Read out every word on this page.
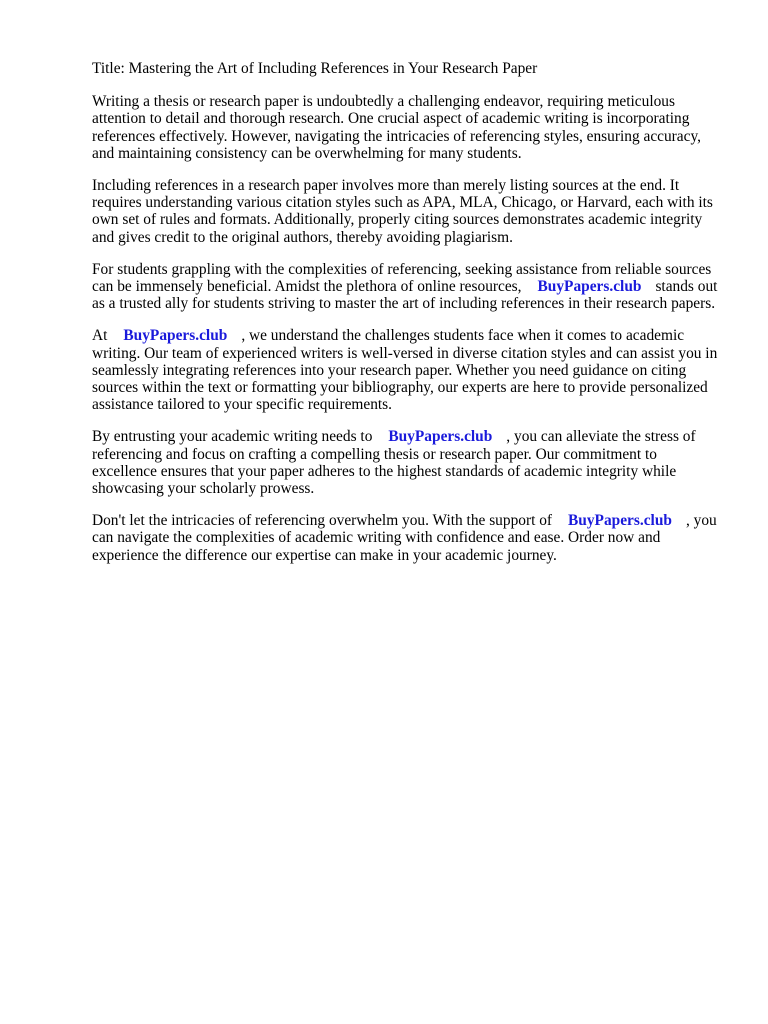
Title: Mastering the Art of Including References in Your Research Paper

Writing a thesis or research paper is undoubtedly a challenging endeavor, requiring meticulous attention to detail and thorough research. One crucial aspect of academic writing is incorporating references effectively. However, navigating the intricacies of referencing styles, ensuring accuracy, and maintaining consistency can be overwhelming for many students.

Including references in a research paper involves more than merely listing sources at the end. It requires understanding various citation styles such as APA, MLA, Chicago, or Harvard, each with its own set of rules and formats. Additionally, properly citing sources demonstrates academic integrity and gives credit to the original authors, thereby avoiding plagiarism.

For students grappling with the complexities of referencing, seeking assistance from reliable sources can be immensely beneficial. Amidst the plethora of online resources, BuyPapers.club stands out as a trusted ally for students striving to master the art of including references in their research papers.

At BuyPapers.club , we understand the challenges students face when it comes to academic writing. Our team of experienced writers is well-versed in diverse citation styles and can assist you in seamlessly integrating references into your research paper. Whether you need guidance on citing sources within the text or formatting your bibliography, our experts are here to provide personalized assistance tailored to your specific requirements.

By entrusting your academic writing needs to BuyPapers.club , you can alleviate the stress of referencing and focus on crafting a compelling thesis or research paper. Our commitment to excellence ensures that your paper adheres to the highest standards of academic integrity while showcasing your scholarly prowess.

Don't let the intricacies of referencing overwhelm you. With the support of BuyPapers.club , you can navigate the complexities of academic writing with confidence and ease. Order now and experience the difference our expertise can make in your academic journey.
